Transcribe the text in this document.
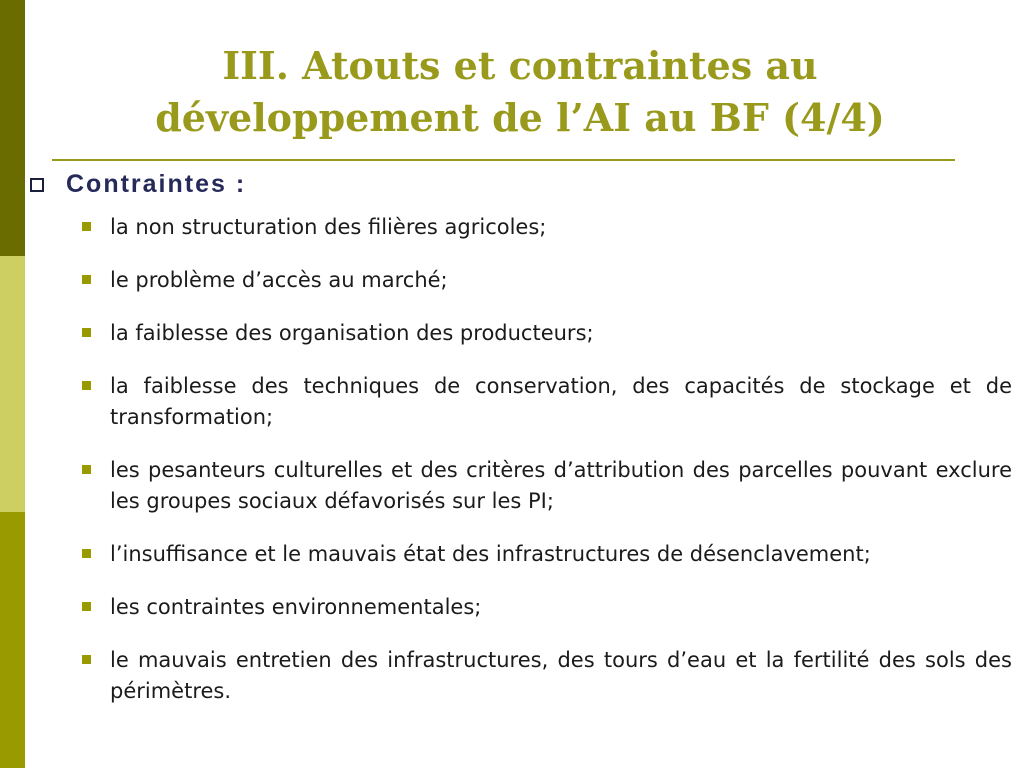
III. Atouts et contraintes au
développement de l’AI au BF (4/4)
Contraintes :
la non structuration des filières agricoles;
le problème d’accès au marché;
la faiblesse des organisation des producteurs;
la faiblesse des techniques de conservation, des capacités de stockage et de transformation;
les pesanteurs culturelles et des critères d’attribution des parcelles pouvant exclure les groupes sociaux défavorisés sur les PI;
l’insuffisance et le mauvais état des infrastructures de désenclavement;
les contraintes environnementales;
le mauvais entretien des infrastructures, des tours d’eau et la fertilité des sols des périmètres.
